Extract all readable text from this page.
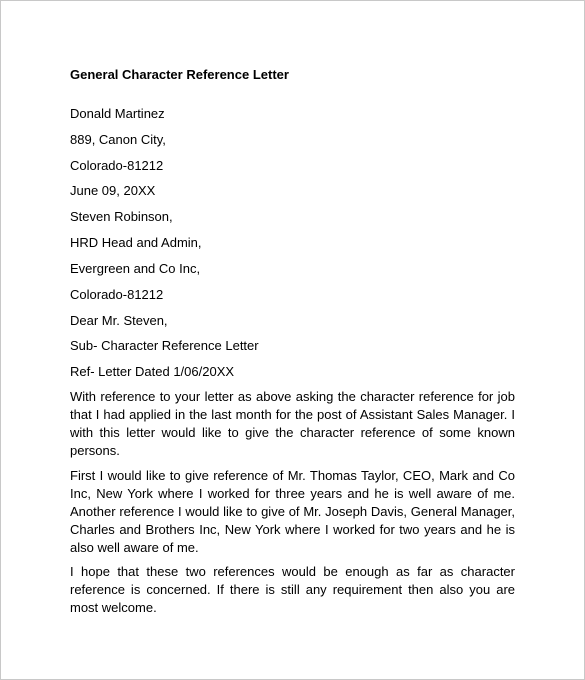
General Character Reference Letter
Donald Martinez
889, Canon City,
Colorado-81212
June 09, 20XX
Steven Robinson,
HRD Head and Admin,
Evergreen and Co Inc,
Colorado-81212
Dear Mr. Steven,
Sub- Character Reference Letter
Ref- Letter Dated 1/06/20XX
With reference to your letter as above asking the character reference for job that I had applied in the last month for the post of Assistant Sales Manager. I with this letter would like to give the character reference of some known persons.
First I would like to give reference of Mr. Thomas Taylor, CEO, Mark and Co Inc, New York where I worked for three years and he is well aware of me. Another reference I would like to give of Mr. Joseph Davis, General Manager, Charles and Brothers Inc, New York where I worked for two years and he is also well aware of me.
I hope that these two references would be enough as far as character reference is concerned. If there is still any requirement then also you are most welcome.
